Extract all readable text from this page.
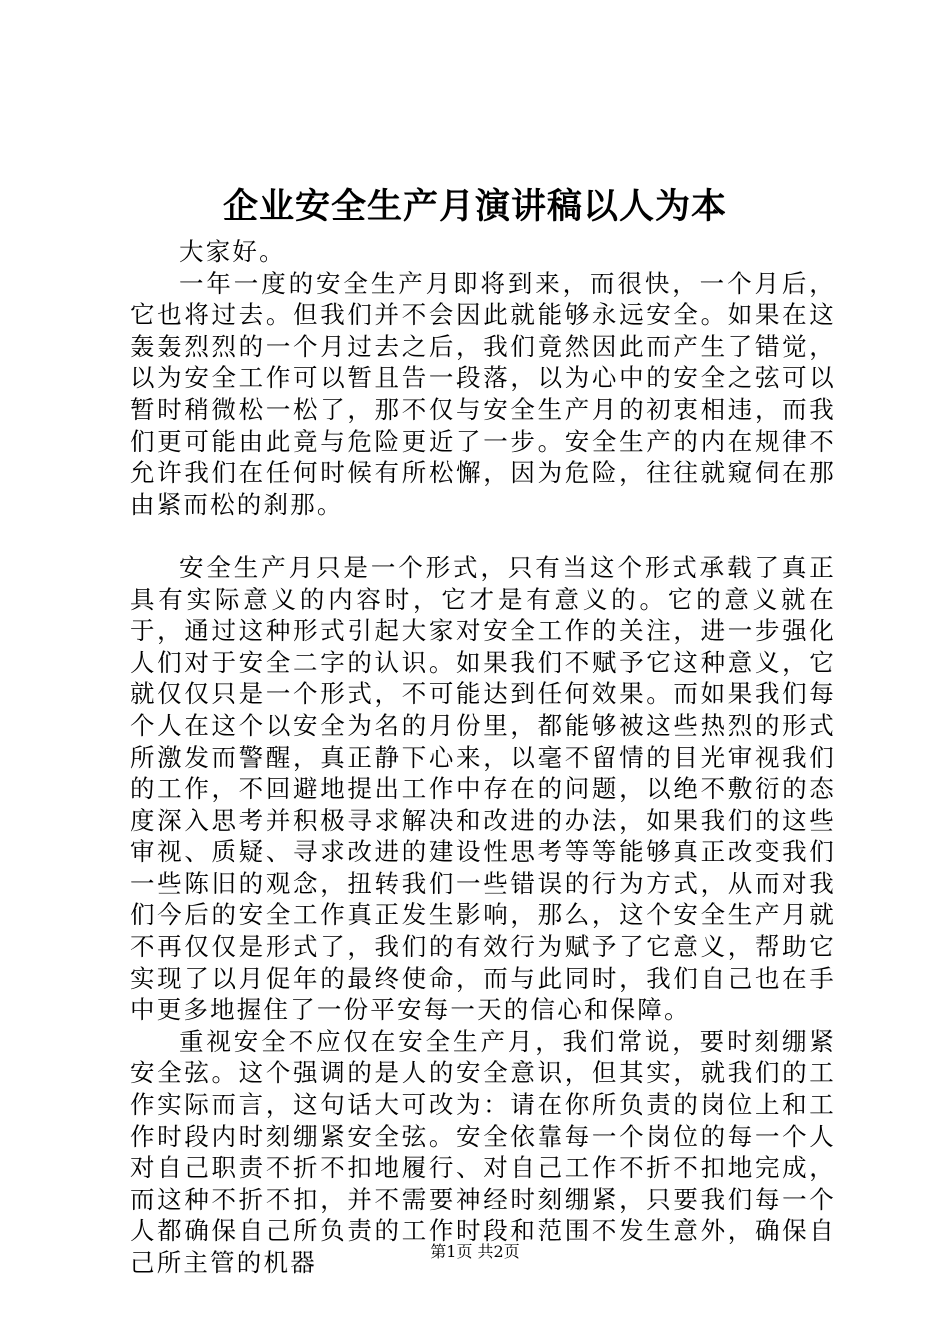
企业安全生产月演讲稿以人为本

大家好。

一年一度的安全生产月即将到来，而很快，一个月后，它也将过去。但我们并不会因此就能够永远安全。如果在这轰轰烈烈的一个月过去之后，我们竟然因此而产生了错觉，以为安全工作可以暂且告一段落，以为心中的安全之弦可以暂时稍微松一松了，那不仅与安全生产月的初衷相违，而我们更可能由此竟与危险更近了一步。安全生产的内在规律不允许我们在任何时候有所松懈，因为危险，往往就窥伺在那由紧而松的刹那。

安全生产月只是一个形式，只有当这个形式承载了真正具有实际意义的内容时，它才是有意义的。它的意义就在于，通过这种形式引起大家对安全工作的关注，进一步强化人们对于安全二字的认识。如果我们不赋予它这种意义，它就仅仅只是一个形式，不可能达到任何效果。而如果我们每个人在这个以安全为名的月份里，都能够被这些热烈的形式所激发而警醒，真正静下心来，以毫不留情的目光审视我们的工作，不回避地提出工作中存在的问题，以绝不敷衍的态度深入思考并积极寻求解决和改进的办法，如果我们的这些审视、质疑、寻求改进的建设性思考等等能够真正改变我们一些陈旧的观念，扭转我们一些错误的行为方式，从而对我们今后的安全工作真正发生影响，那么，这个安全生产月就不再仅仅是形式了，我们的有效行为赋予了它意义，帮助它实现了以月促年的最终使命，而与此同时，我们自己也在手中更多地握住了一份平安每一天的信心和保障。

重视安全不应仅在安全生产月，我们常说，要时刻绷紧安全弦。这个强调的是人的安全意识，但其实，就我们的工作实际而言，这句话大可改为：请在你所负责的岗位上和工作时段内时刻绷紧安全弦。安全依靠每一个岗位的每一个人对自己职责不折不扣地履行、对自己工作不折不扣地完成，而这种不折不扣，并不需要神经时刻绷紧，只要我们每一个人都确保自己所负责的工作时段和范围不发生意外，确保自己所主管的机器	第1页 共2页
